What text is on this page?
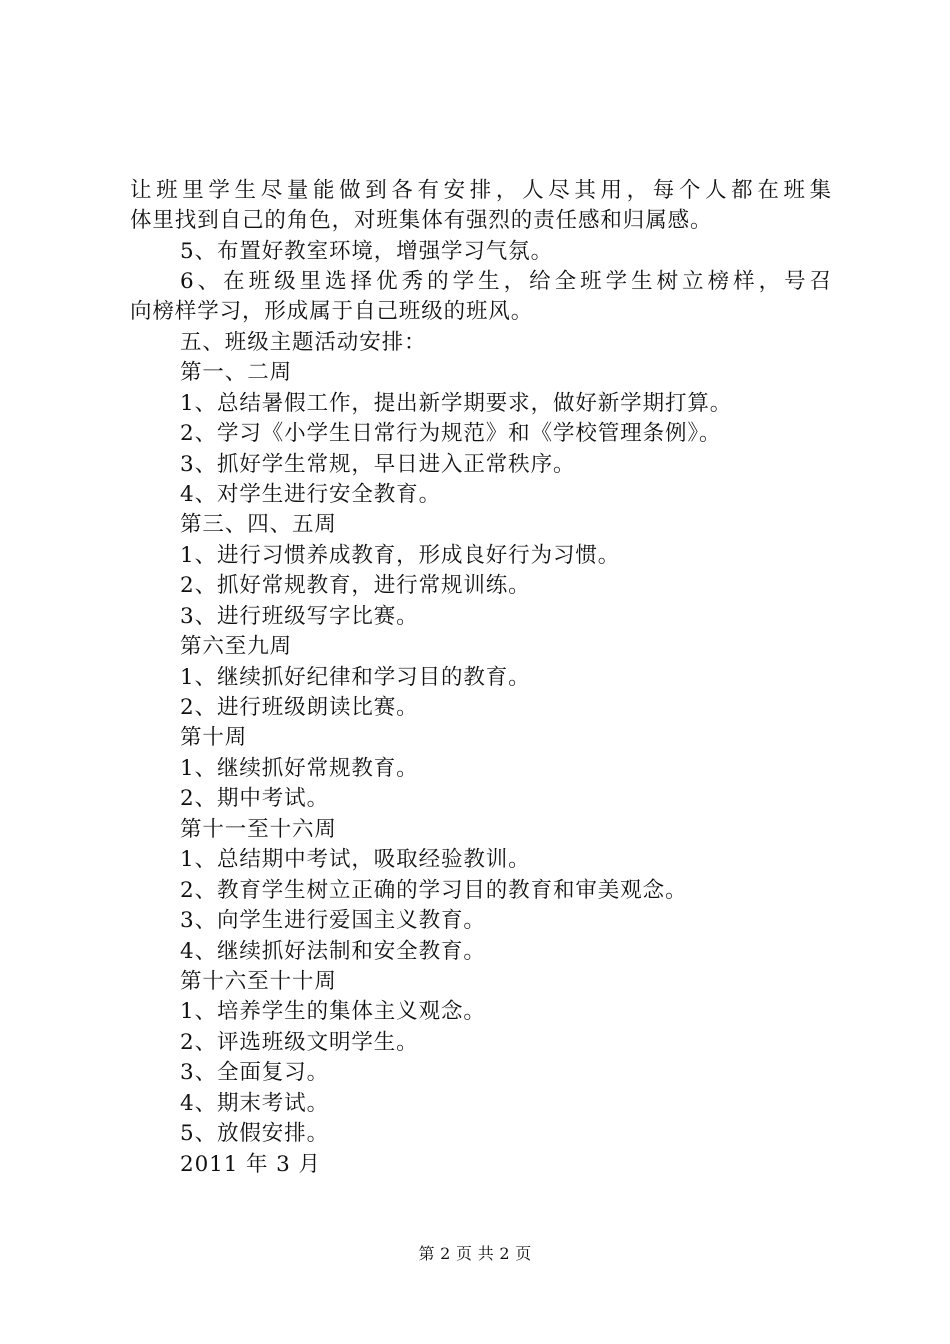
让班里学生尽量能做到各有安排，人尽其用，每个人都在班集
体里找到自己的角色，对班集体有强烈的责任感和归属感。
5、布置好教室环境，增强学习气氛。
6、在班级里选择优秀的学生，给全班学生树立榜样，号召
向榜样学习，形成属于自己班级的班风。
五、班级主题活动安排：
第一、二周
1、总结暑假工作，提出新学期要求，做好新学期打算。
2、学习《小学生日常行为规范》和《学校管理条例》。
3、抓好学生常规，早日进入正常秩序。
4、对学生进行安全教育。
第三、四、五周
1、进行习惯养成教育，形成良好行为习惯。
2、抓好常规教育，进行常规训练。
3、进行班级写字比赛。
第六至九周
1、继续抓好纪律和学习目的教育。
2、进行班级朗读比赛。
第十周
1、继续抓好常规教育。
2、期中考试。
第十一至十六周
1、总结期中考试，吸取经验教训。
2、教育学生树立正确的学习目的教育和审美观念。
3、向学生进行爱国主义教育。
4、继续抓好法制和安全教育。
第十六至十十周
1、培养学生的集体主义观念。
2、评选班级文明学生。
3、全面复习。
4、期末考试。
5、放假安排。
2011 年 3 月
第 2 页 共 2 页
